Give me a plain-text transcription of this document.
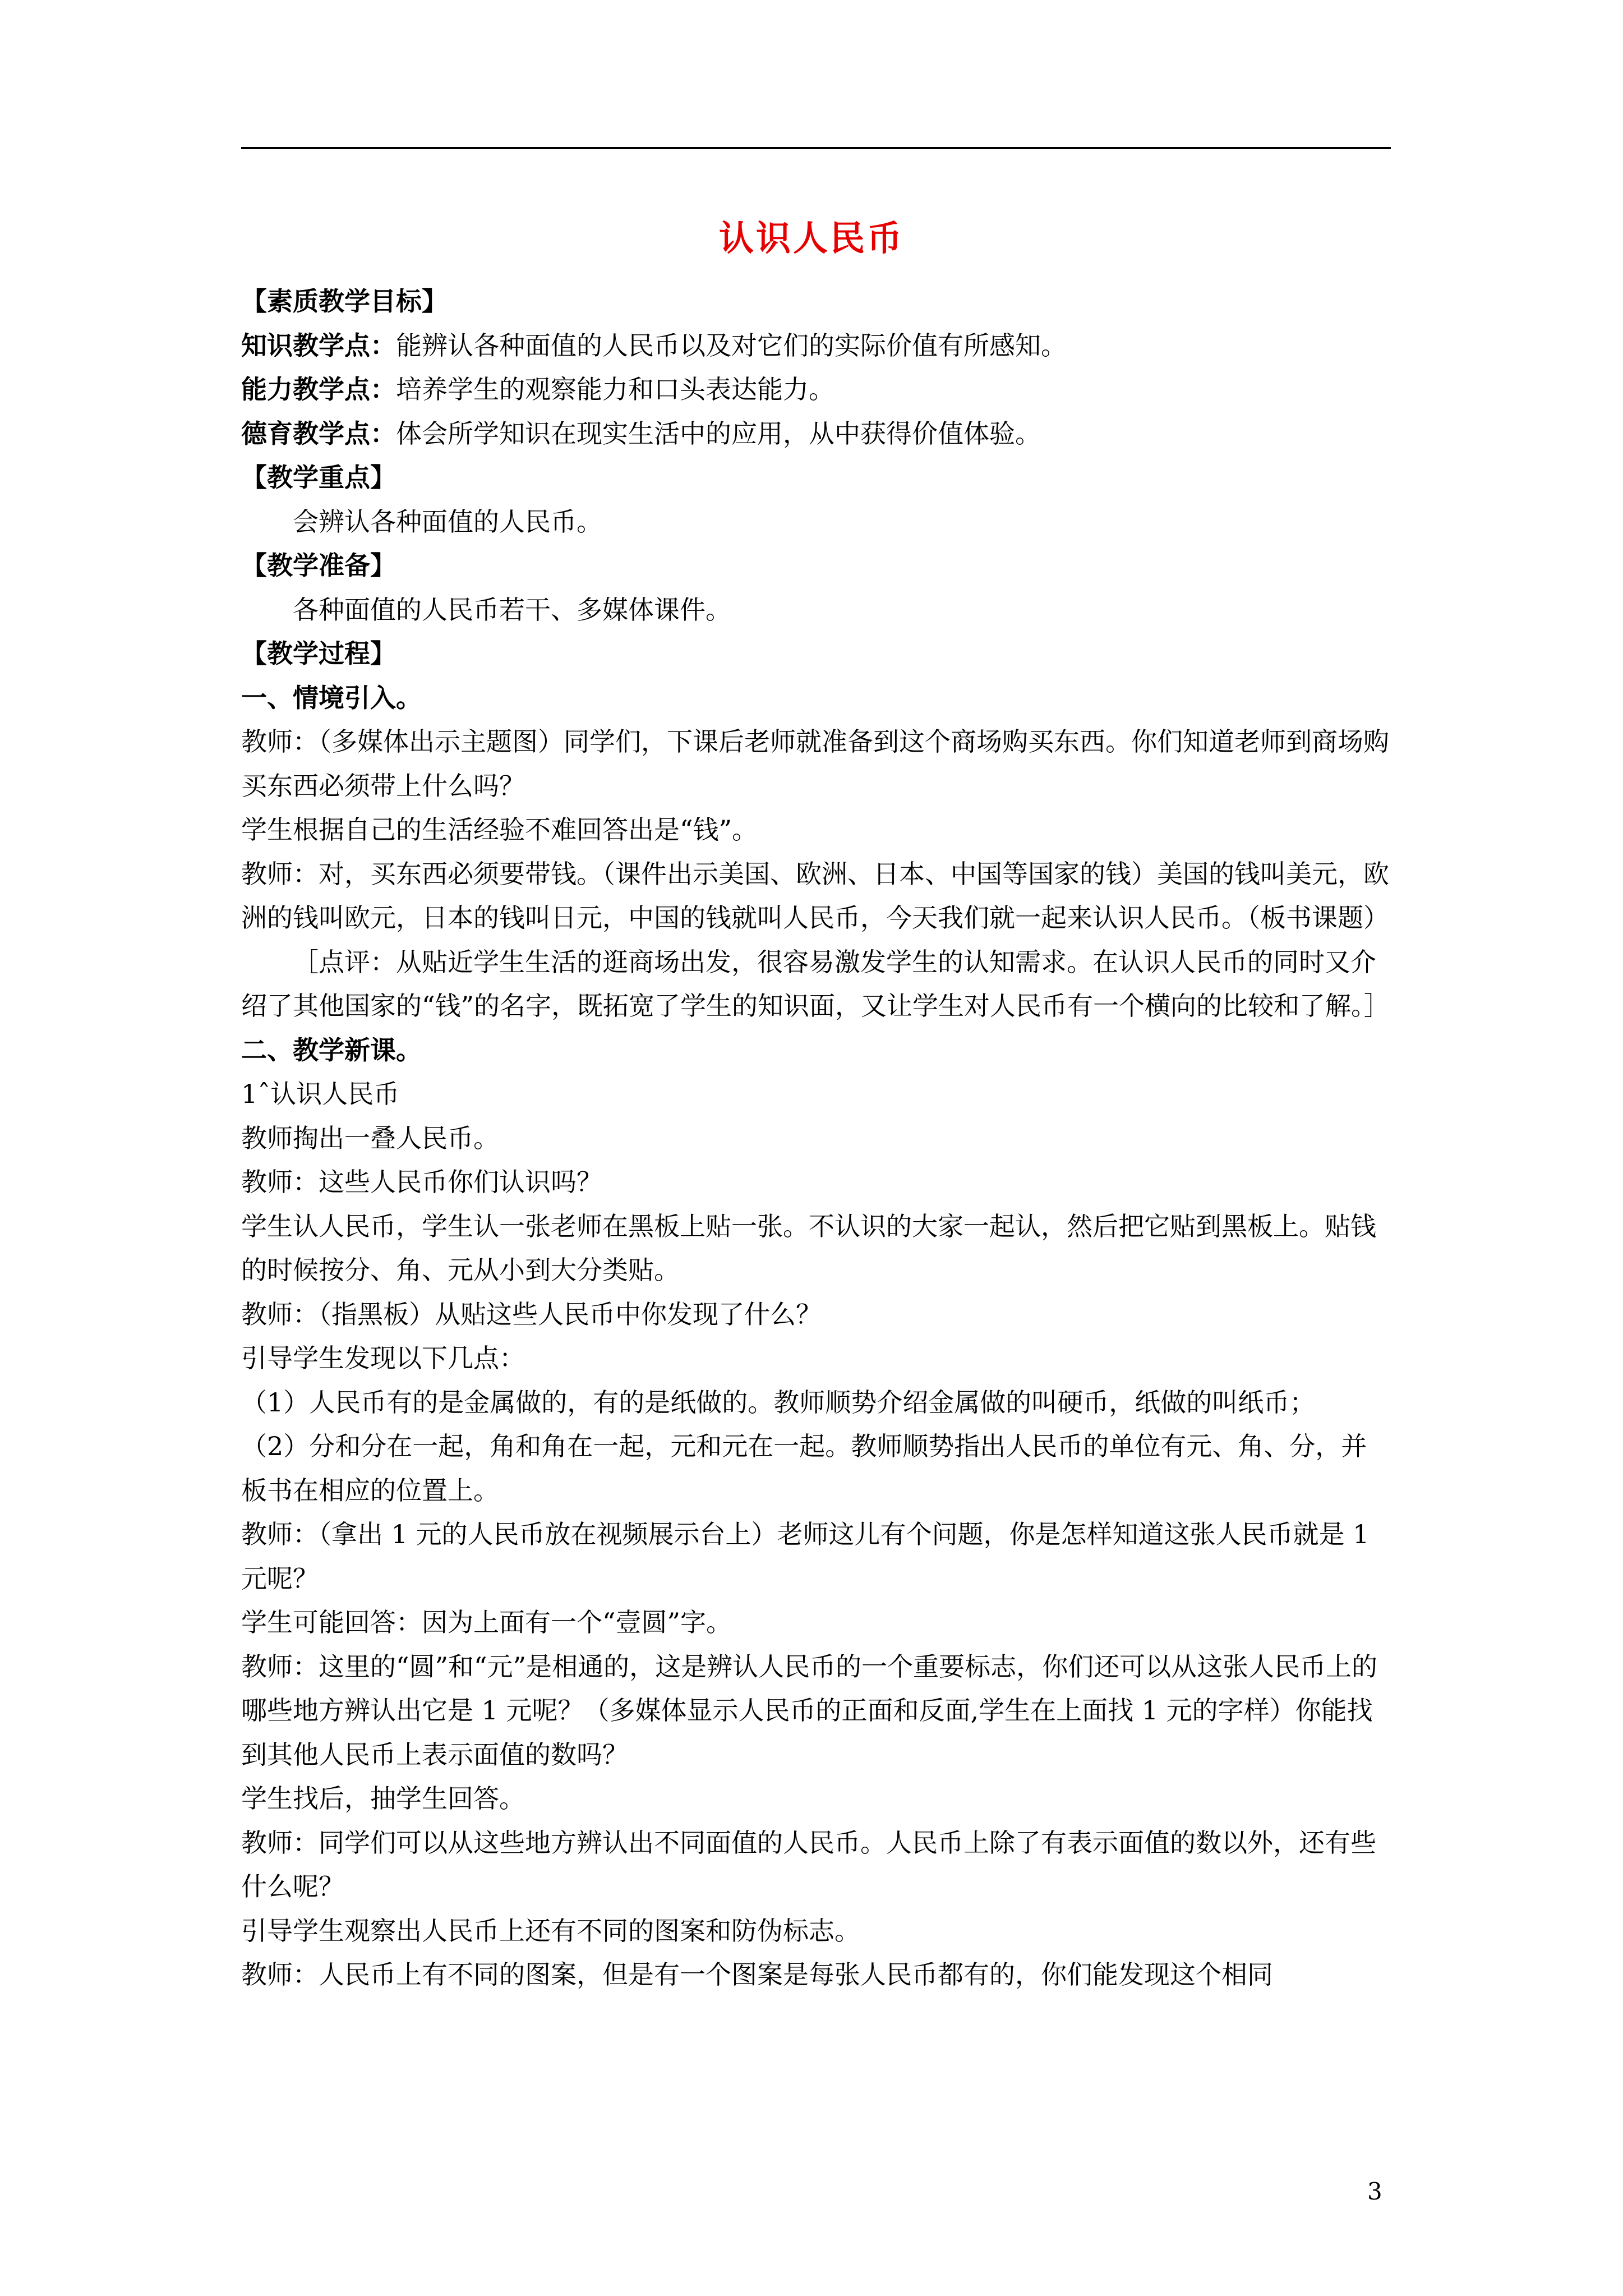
认识人民币

【素质教学目标】

知识教学点：能辨认各种面值的人民币以及对它们的实际价值有所感知。

能力教学点：培养学生的观察能力和口头表达能力。

德育教学点：体会所学知识在现实生活中的应用，从中获得价值体验。

【教学重点】

会辨认各种面值的人民币。

【教学准备】

各种面值的人民币若干、多媒体课件。

【教学过程】

一、情境引入。

教师：（多媒体出示主题图）同学们，下课后老师就准备到这个商场购买东西。你们知道老师到商场购买东西必须带上什么吗？

学生根据自己的生活经验不难回答出是“钱”。

教师：对，买东西必须要带钱。（课件出示美国、欧洲、日本、中国等国家的钱）美国的钱叫美元，欧洲的钱叫欧元，日本的钱叫日元，中国的钱就叫人民币，今天我们就一起来认识人民币。（板书课题）

［点评：从贴近学生生活的逛商场出发，很容易激发学生的认知需求。在认识人民币的同时又介绍了其他国家的“钱”的名字，既拓宽了学生的知识面，又让学生对人民币有一个横向的比较和了解。］

二、教学新课。

1ˆ认识人民币

教师掏出一叠人民币。

教师：这些人民币你们认识吗？

学生认人民币，学生认一张老师在黑板上贴一张。不认识的大家一起认，然后把它贴到黑板上。贴钱的时候按分、角、元从小到大分类贴。

教师：（指黑板）从贴这些人民币中你发现了什么？

引导学生发现以下几点：

（1）人民币有的是金属做的，有的是纸做的。教师顺势介绍金属做的叫硬币，纸做的叫纸币；

（2）分和分在一起，角和角在一起，元和元在一起。教师顺势指出人民币的单位有元、角、分，并板书在相应的位置上。

教师：（拿出 1 元的人民币放在视频展示台上）老师这儿有个问题，你是怎样知道这张人民币就是 1 元呢？

学生可能回答：因为上面有一个“壹圆”字。

教师：这里的“圆”和“元”是相通的，这是辨认人民币的一个重要标志，你们还可以从这张人民币上的哪些地方辨认出它是 1 元呢？（多媒体显示人民币的正面和反面,学生在上面找 1 元的字样）你能找到其他人民币上表示面值的数吗？

学生找后，抽学生回答。

教师：同学们可以从这些地方辨认出不同面值的人民币。人民币上除了有表示面值的数以外，还有些什么呢？

引导学生观察出人民币上还有不同的图案和防伪标志。

教师：人民币上有不同的图案，但是有一个图案是每张人民币都有的，你们能发现这个相同

3
